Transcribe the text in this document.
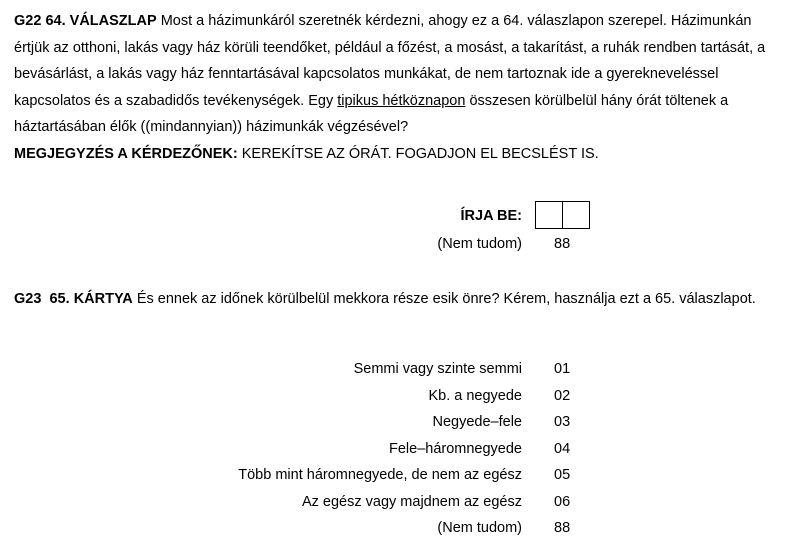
G22 64. VÁLASZLAP Most a házimunkáról szeretnék kérdezni, ahogy ez a 64. válaszlapon szerepel. Házimunkán értjük az otthoni, lakás vagy ház körüli teendőket, például a főzést, a mosást, a takarítást, a ruhák rendben tartását, a bevásárlást, a lakás vagy ház fenntartásával kapcsolatos munkákat, de nem tartoznak ide a gyerekneveléssel kapcsolatos és a szabadidős tevékenységek. Egy tipikus hétköznapon összesen körülbelül hány órát töltenek a háztartásában élők ((mindannyian)) házimunkák végzésével?
MEGJEGYZÉS A KÉRDEZŐNEK: KEREKÍTSE AZ ÓRÁT. FOGADJON EL BECSLÉST IS.
ÍRJA BE:
(Nem tudom) 88
G23 65. KÁRTYA És ennek az időnek körülbelül mekkora része esik önre? Kérem, használja ezt a 65. válaszlapot.
Semmi vagy szinte semmi 01
Kb. a negyede 02
Negyede–fele 03
Fele–háromnegyede 04
Több mint háromnegyede, de nem az egész 05
Az egész vagy majdnem az egész 06
(Nem tudom) 88
